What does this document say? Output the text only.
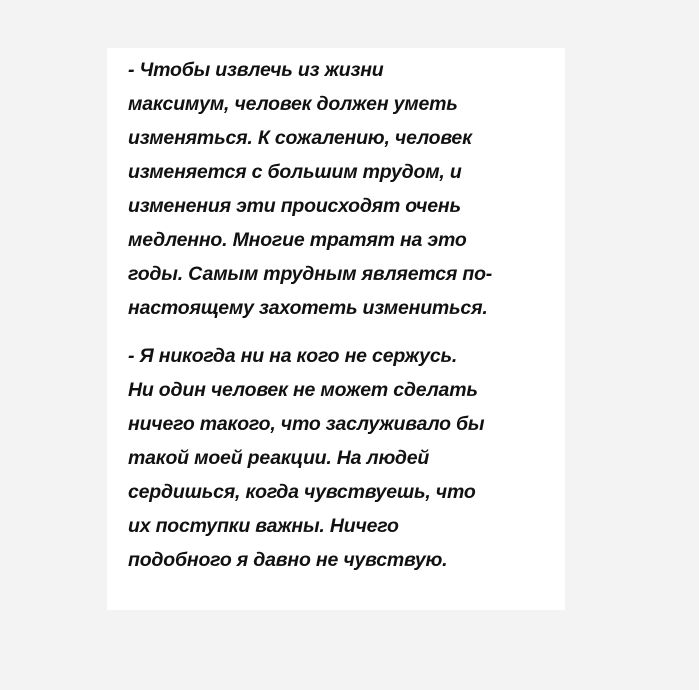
- Чтобы извлечь из жизни
максимум, человек должен уметь
изменяться. К сожалению, человек
изменяется с большим трудом, и
изменения эти происходят очень
медленно. Многие тратят на это
годы. Самым трудным является по-
настоящему захотеть измениться.

- Я никогда ни на кого не сержусь.
Ни один человек не может сделать
ничего такого, что заслуживало бы
такой моей реакции. На людей
сердишься, когда чувствуешь, что
их поступки важны. Ничего
подобного я давно не чувствую.
